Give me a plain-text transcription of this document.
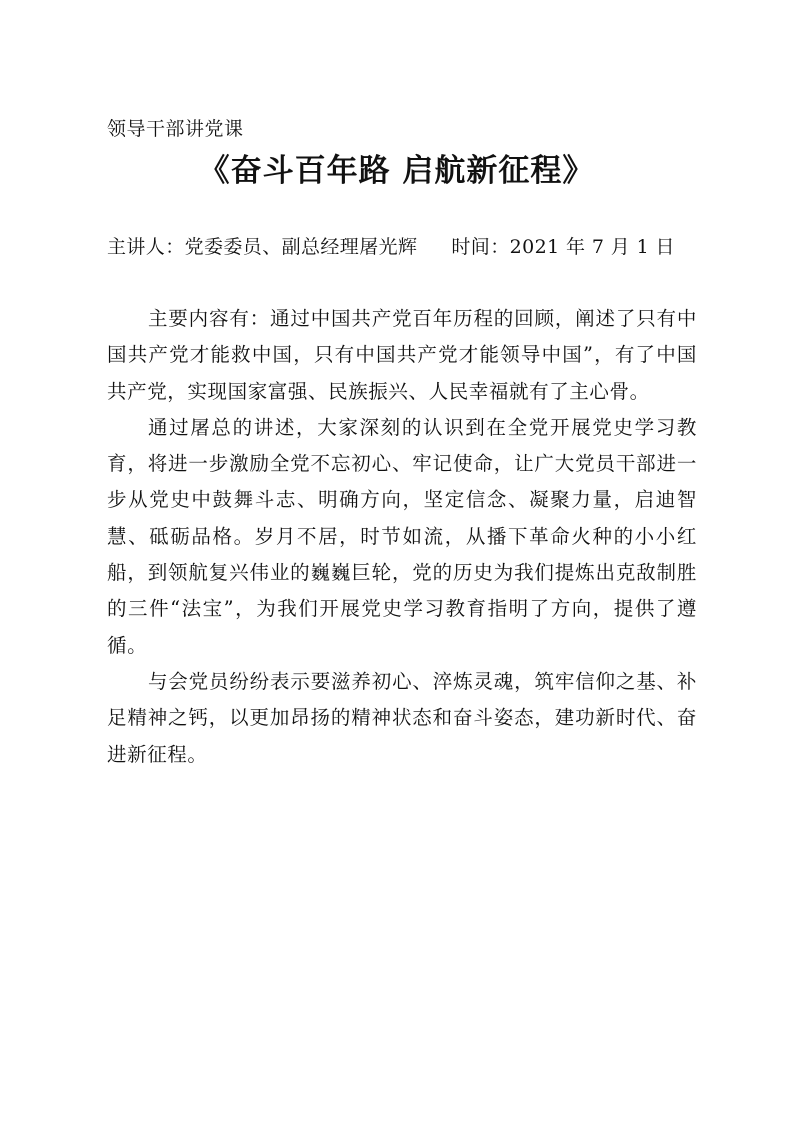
领导干部讲党课
《奋斗百年路 启航新征程》
主讲人：党委委员、副总经理屠光辉 时间：2021 年 7 月 1 日

主要内容有：通过中国共产党百年历程的回顾，阐述了只有中国共产党才能救中国，只有中国共产党才能领导中国”，有了中国共产党，实现国家富强、民族振兴、人民幸福就有了主心骨。

通过屠总的讲述，大家深刻的认识到在全党开展党史学习教育，将进一步激励全党不忘初心、牢记使命，让广大党员干部进一步从党史中鼓舞斗志、明确方向，坚定信念、凝聚力量，启迪智慧、砥砺品格。岁月不居，时节如流，从播下革命火种的小小红船，到领航复兴伟业的巍巍巨轮，党的历史为我们提炼出克敌制胜的三件“法宝”，为我们开展党史学习教育指明了方向，提供了遵循。

与会党员纷纷表示要滋养初心、淬炼灵魂，筑牢信仰之基、补足精神之钙，以更加昂扬的精神状态和奋斗姿态，建功新时代、奋进新征程。
